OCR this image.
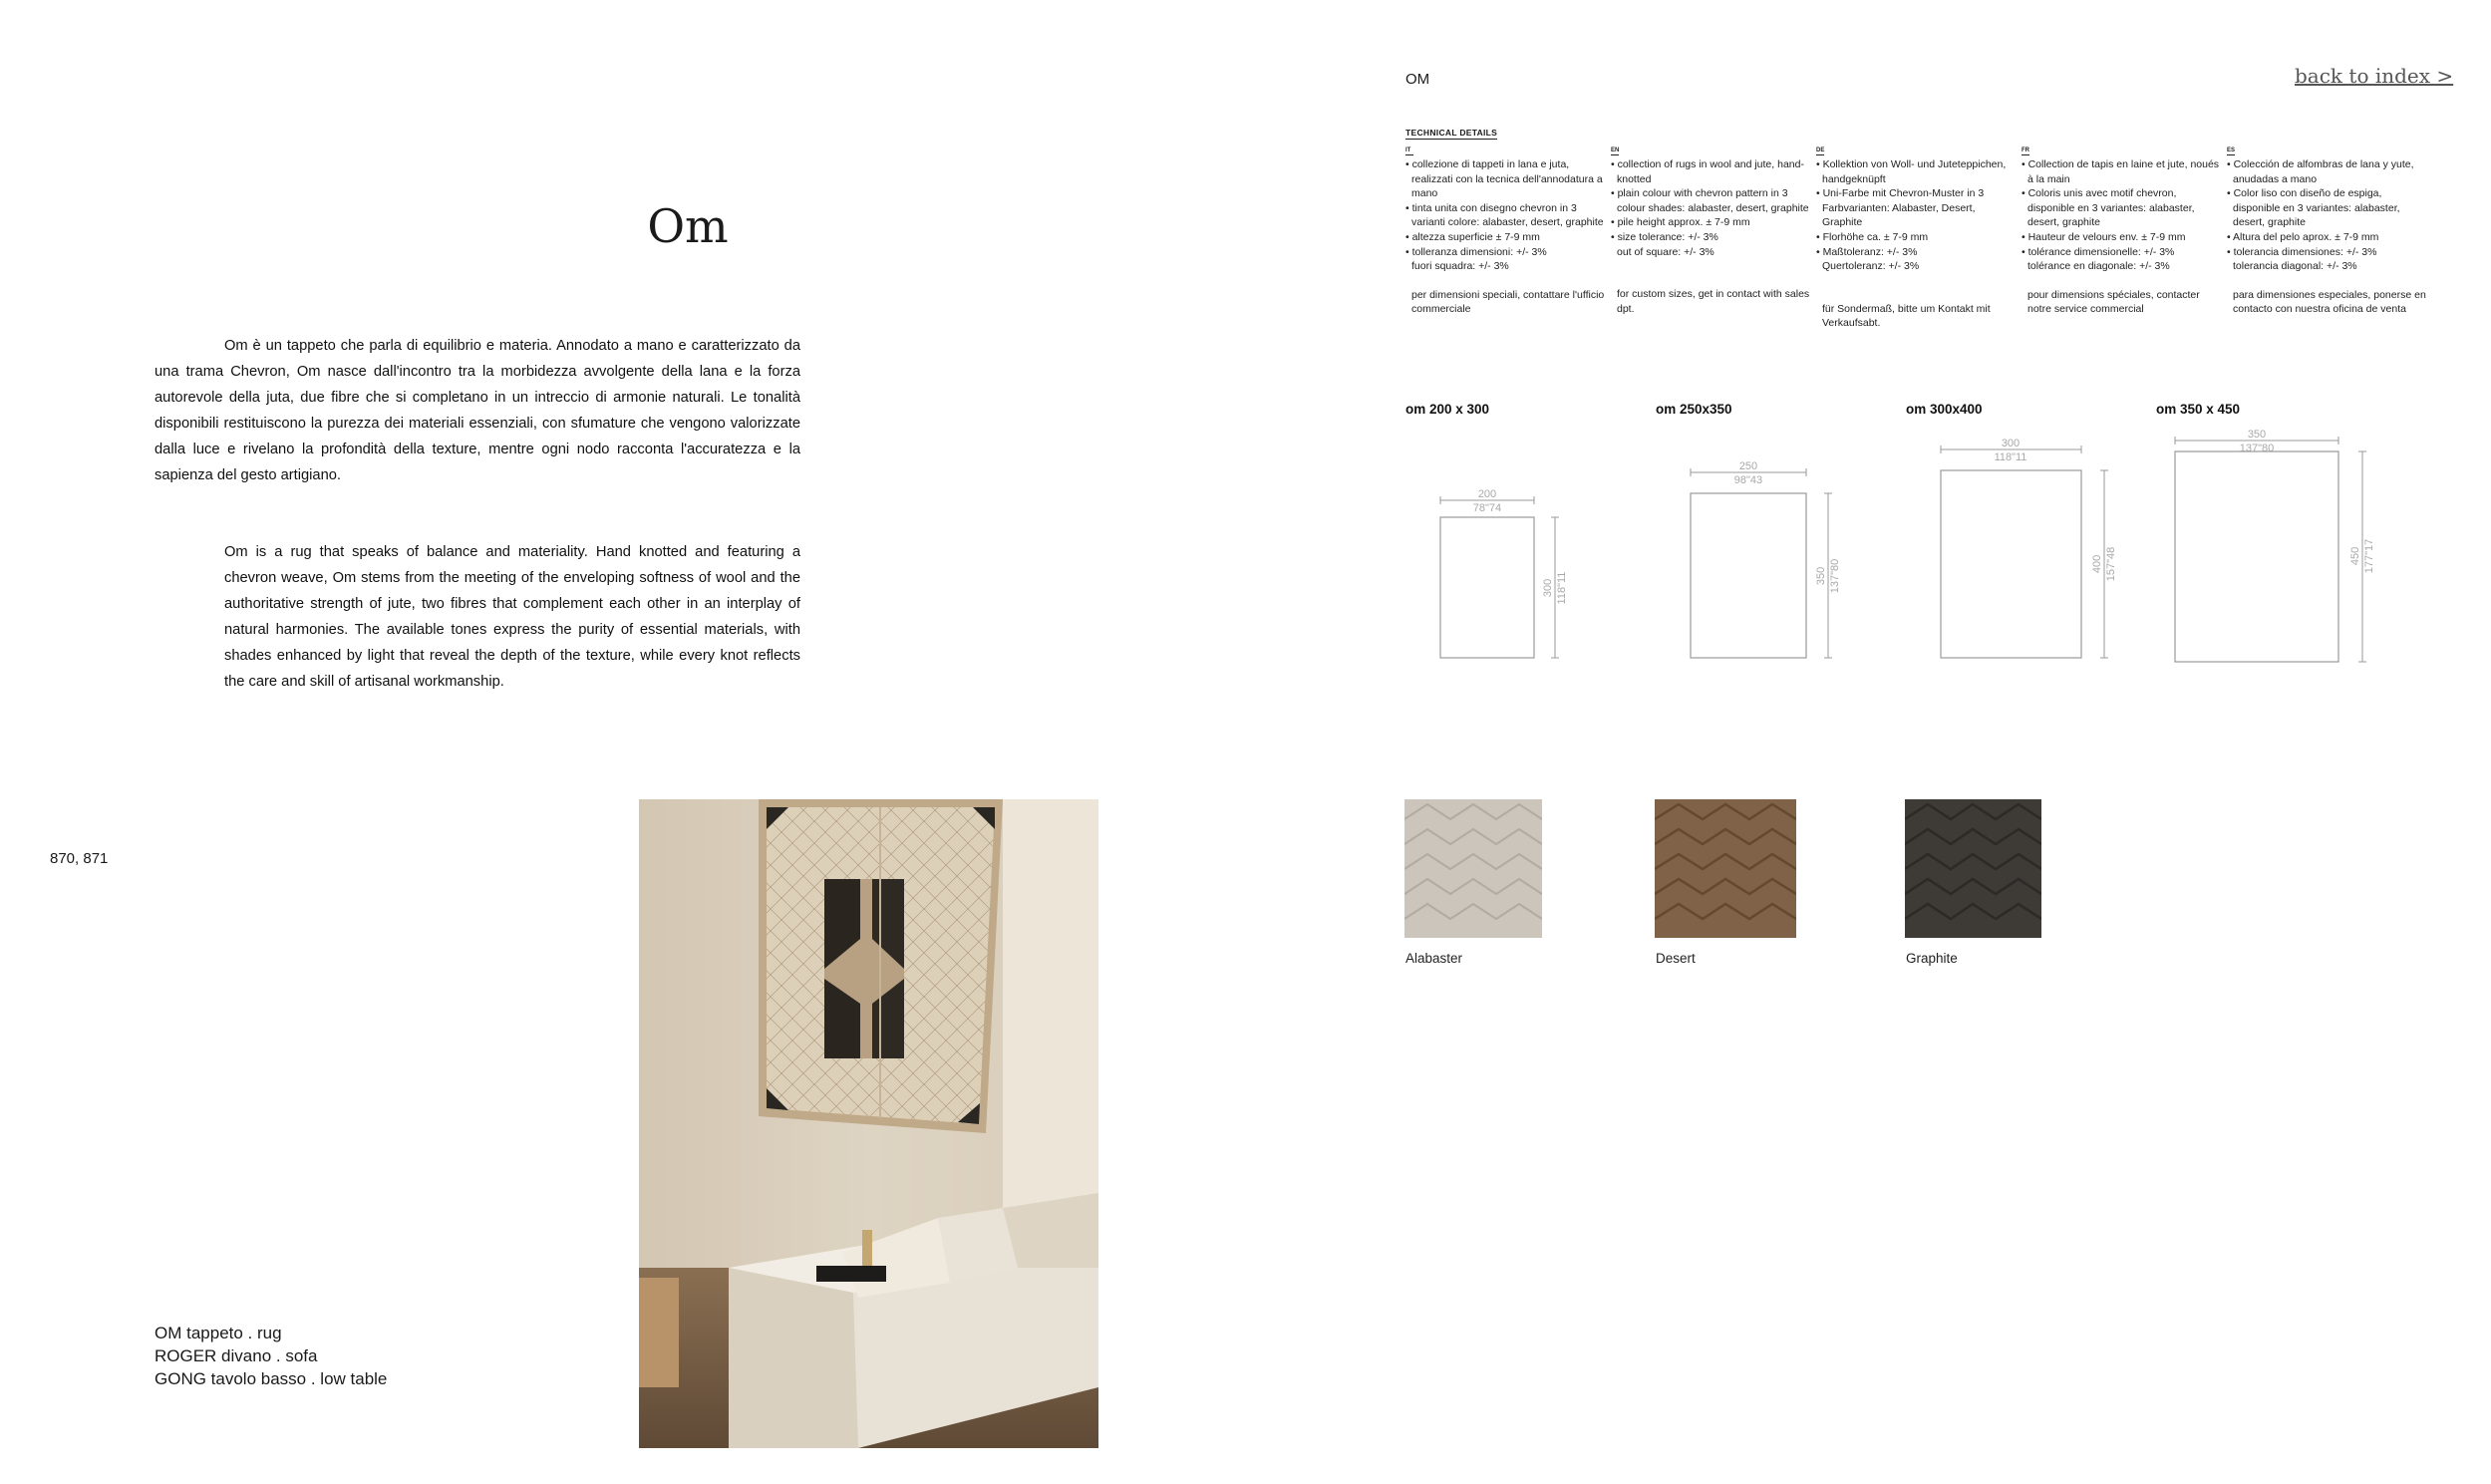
Om
Om è un tappeto che parla di equilibrio e materia. Annodato a mano e caratterizzato da una trama Chevron, Om nasce dall'incontro tra la morbidezza avvolgente della lana e la forza autorevole della juta, due fibre che si completano in un intreccio di armonie naturali. Le tonalità disponibili restituiscono la purezza dei materiali essenziali, con sfumature che vengono valorizzate dalla luce e rivelano la profondità della texture, mentre ogni nodo racconta l'accuratezza e la sapienza del gesto artigiano.
Om is a rug that speaks of balance and materiality. Hand knotted and featuring a chevron weave, Om stems from the meeting of the enveloping softness of wool and the authoritative strength of jute, two fibres that complement each other in an interplay of natural harmonies. The available tones express the purity of essential materials, with shades enhanced by light that reveal the depth of the texture, while every knot reflects the care and skill of artisanal workmanship.
870, 871
OM tappeto . rug
ROGER divano . sofa
GONG tavolo basso . low table
OM	back to index >
TECHNICAL DETAILS
IT
• collezione di tappeti in lana e juta, realizzati con la tecnica dell'annodatura a mano
• tinta unita con disegno chevron in 3 varianti colore: alabaster, desert, graphite
• altezza superficie ± 7-9 mm
• tolleranza dimensioni: +/- 3%
fuori squadra: +/- 3%
per dimensioni speciali, contattare l'ufficio commerciale
EN
• collection of rugs in wool and jute, hand-knotted
• plain colour with chevron pattern in 3 colour shades: alabaster, desert, graphite
• pile height approx. ± 7-9 mm
• size tolerance: +/- 3%
out of square: +/- 3%
for custom sizes, get in contact with sales dpt.
DE
• Kollektion von Woll- und Juteteppichen, handgeknüpft
• Uni-Farbe mit Chevron-Muster in 3 Farbvarianten: Alabaster, Desert, Graphite
• Florhöhe ca. ± 7-9 mm
• Maßtoleranz: +/- 3%
Quertoleranz: +/- 3%
für Sondermaß, bitte um Kontakt mit Verkaufsabt.
FR
• Collection de tapis en laine et jute, noués à la main
• Coloris unis avec motif chevron, disponible en 3 variantes: alabaster, desert, graphite
• Hauteur de velours env. ± 7-9 mm
• tolérance dimensionelle: +/- 3%
tolérance en diagonale: +/- 3%
pour dimensions spéciales, contacter notre service commercial
ES
• Colección de alfombras de lana y yute, anudadas a mano
• Color liso con diseño de espiga, disponible en 3 variantes: alabaster, desert, graphite
• Altura del pelo aprox. ± 7-9 mm
• tolerancia dimensiones: +/- 3%
tolerancia diagonal: +/- 3%
para dimensiones especiales, ponerse en contacto con nuestra oficina de venta
om 200 x 300	om 250x350	om 300x400	om 350 x 450
200
78"74
300 118"11
250
98"43
350 137"80
300
118"11
400 157"48
350
137"80
450 177"17
Alabaster	Desert	Graphite
